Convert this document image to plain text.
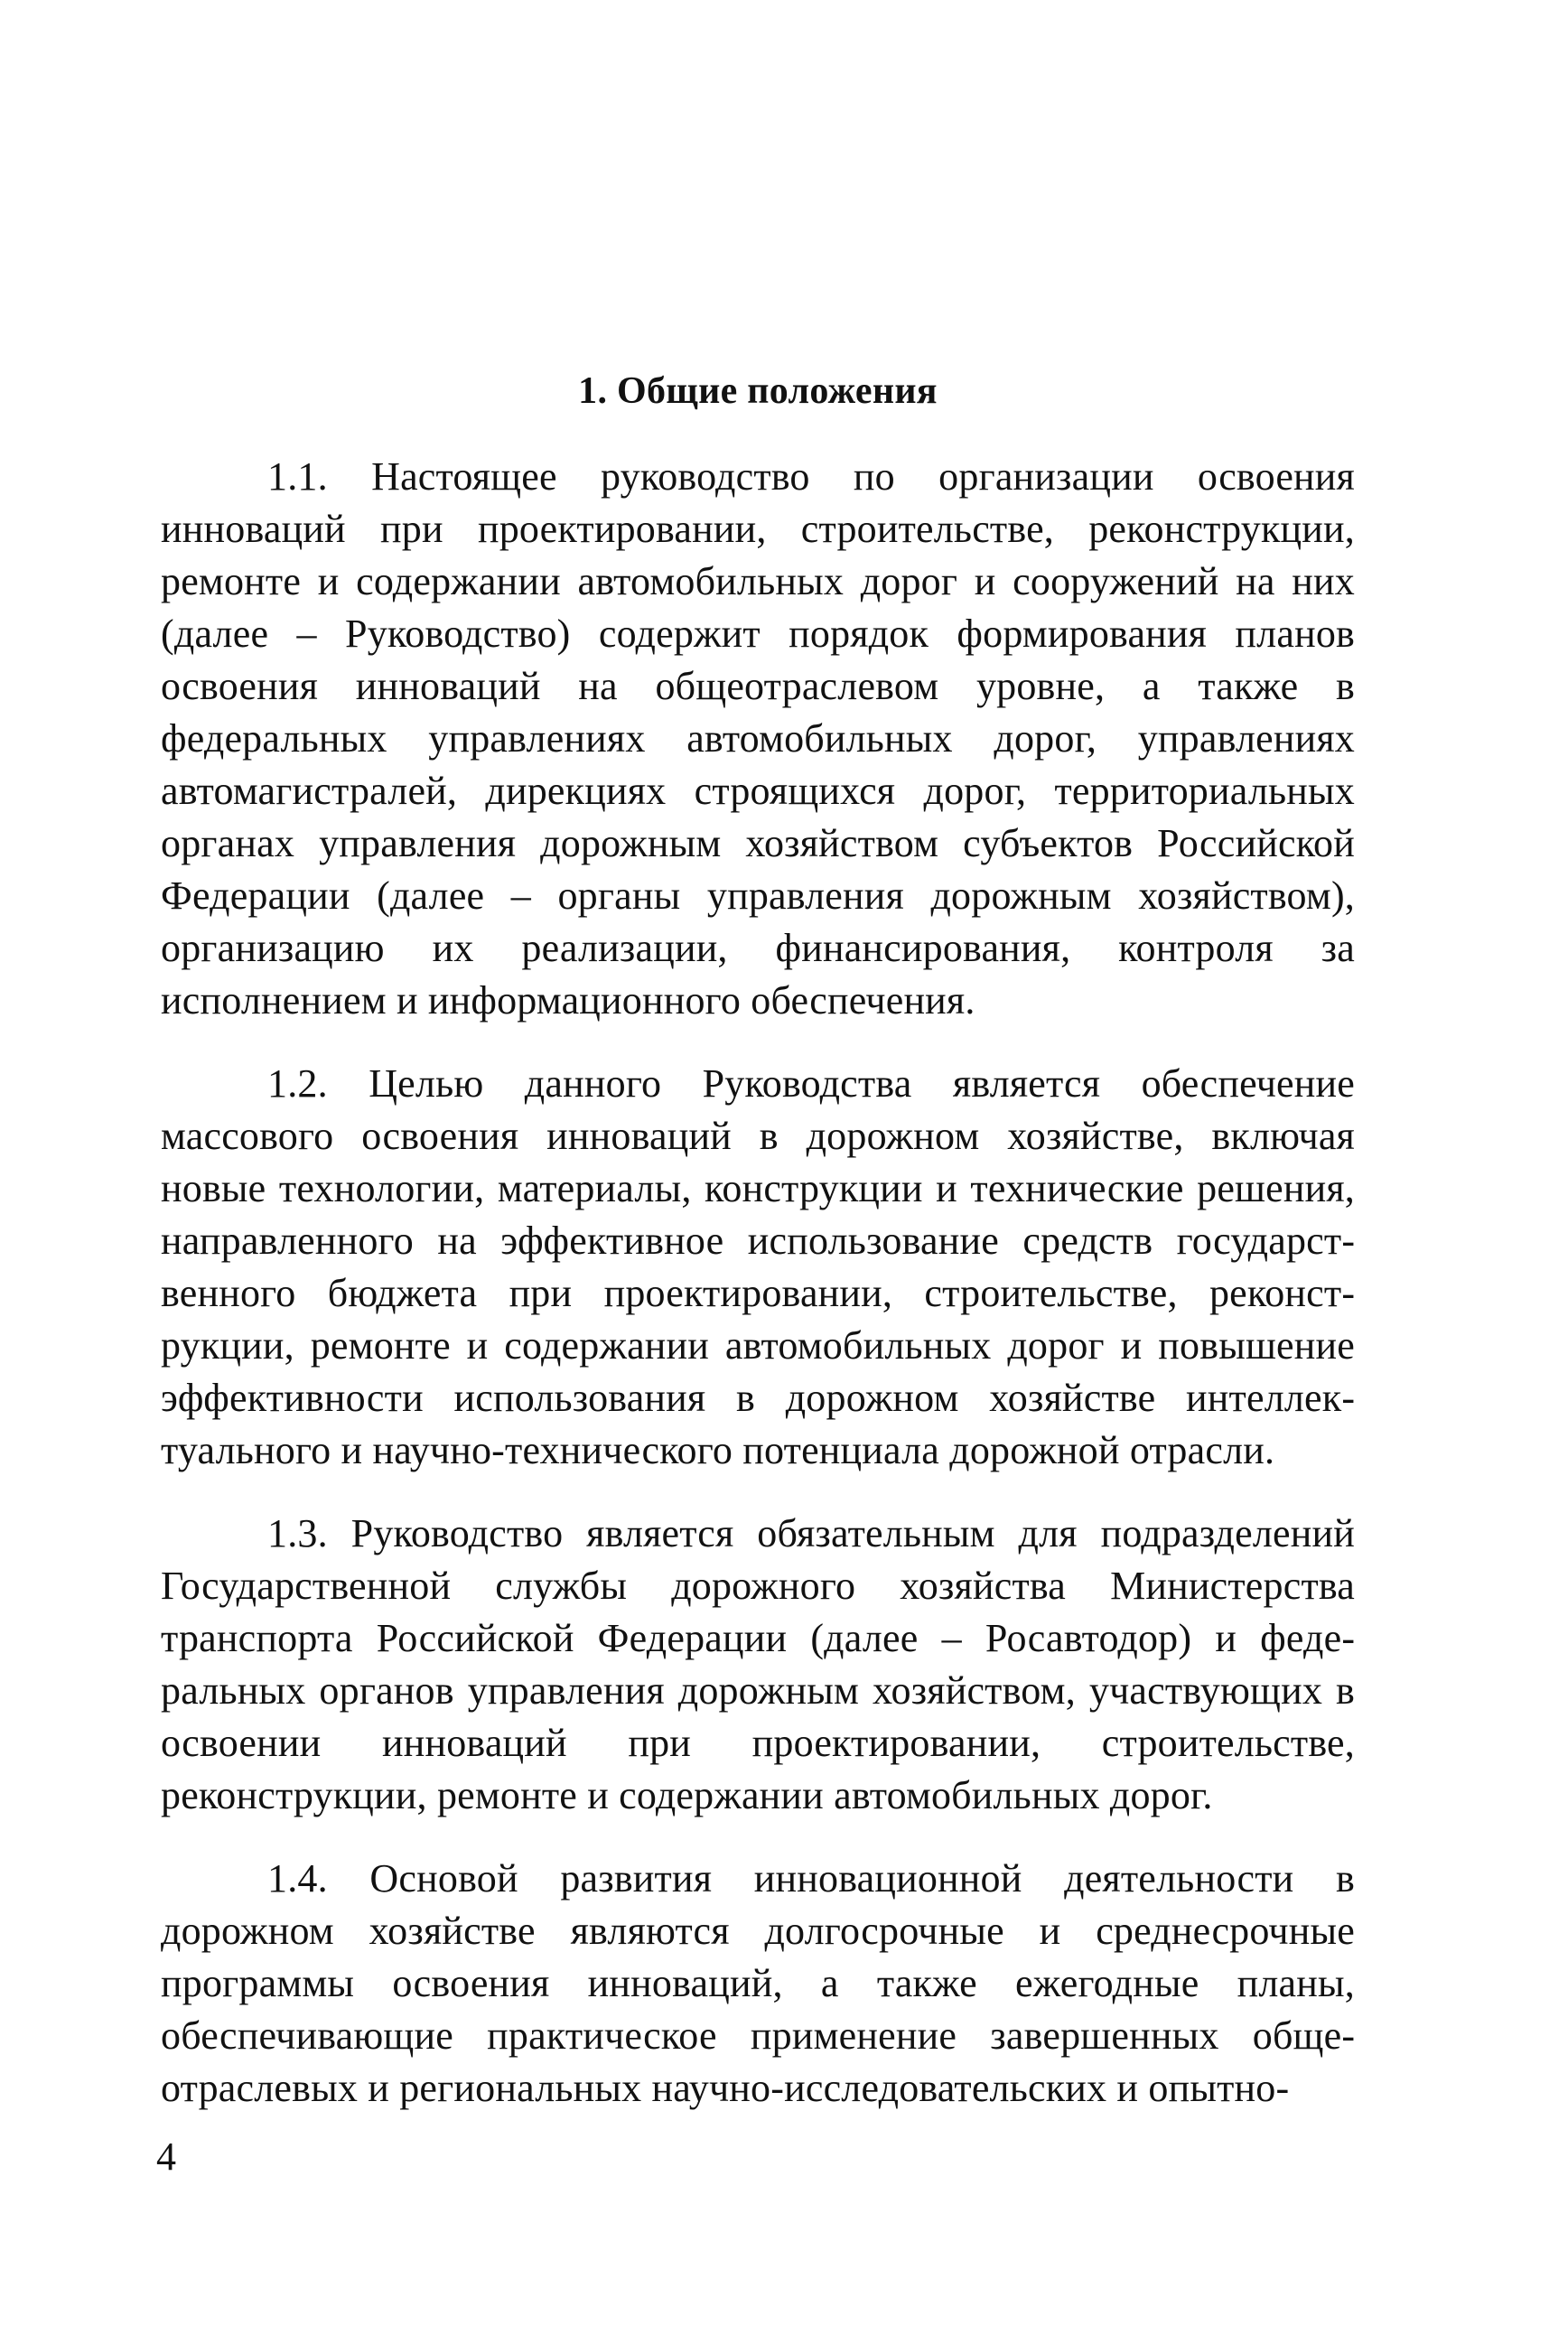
1. Общие положения

1.1. Настоящее руководство по организации освоения инноваций при проектировании, строительстве, реконструкции, ремонте и содержании автомобильных дорог и сооружений на них (далее – Руководство) содержит порядок формирования планов освоения инноваций на общеотраслевом уровне, а также в федеральных управлениях автомобильных дорог, управлениях автомагистралей, дирекциях строящихся дорог, территориальных органах управления дорожным хозяйством субъектов Российской Федерации (далее – органы управления дорожным хозяйством), организацию их реализации, финансирования, контроля за исполнением и информационного обеспечения.

1.2. Целью данного Руководства является обеспечение массового освоения инноваций в дорожном хозяйстве, включая новые технологии, материалы, конструкции и технические решения, направленного на эффективное использование средств государственного бюджета при проектировании, строительстве, реконструкции, ремонте и содержании автомобильных дорог и повышение эффективности использования в дорожном хозяйстве интеллектуального и научно-технического потенциала дорожной отрасли.

1.3. Руководство является обязательным для подразделений Государственной службы дорожного хозяйства Министерства транспорта Российской Федерации (далее – Росавтодор) и федеральных органов управления дорожным хозяйством, участвующих в освоении инноваций при проектировании, строительстве, реконструкции, ремонте и содержании автомобильных дорог.

1.4. Основой развития инновационной деятельности в дорожном хозяйстве являются долгосрочные и среднесрочные программы освоения инноваций, а также ежегодные планы, обеспечивающие практическое применение завершенных общеотраслевых и региональных научно-исследовательских и опытно-

4
